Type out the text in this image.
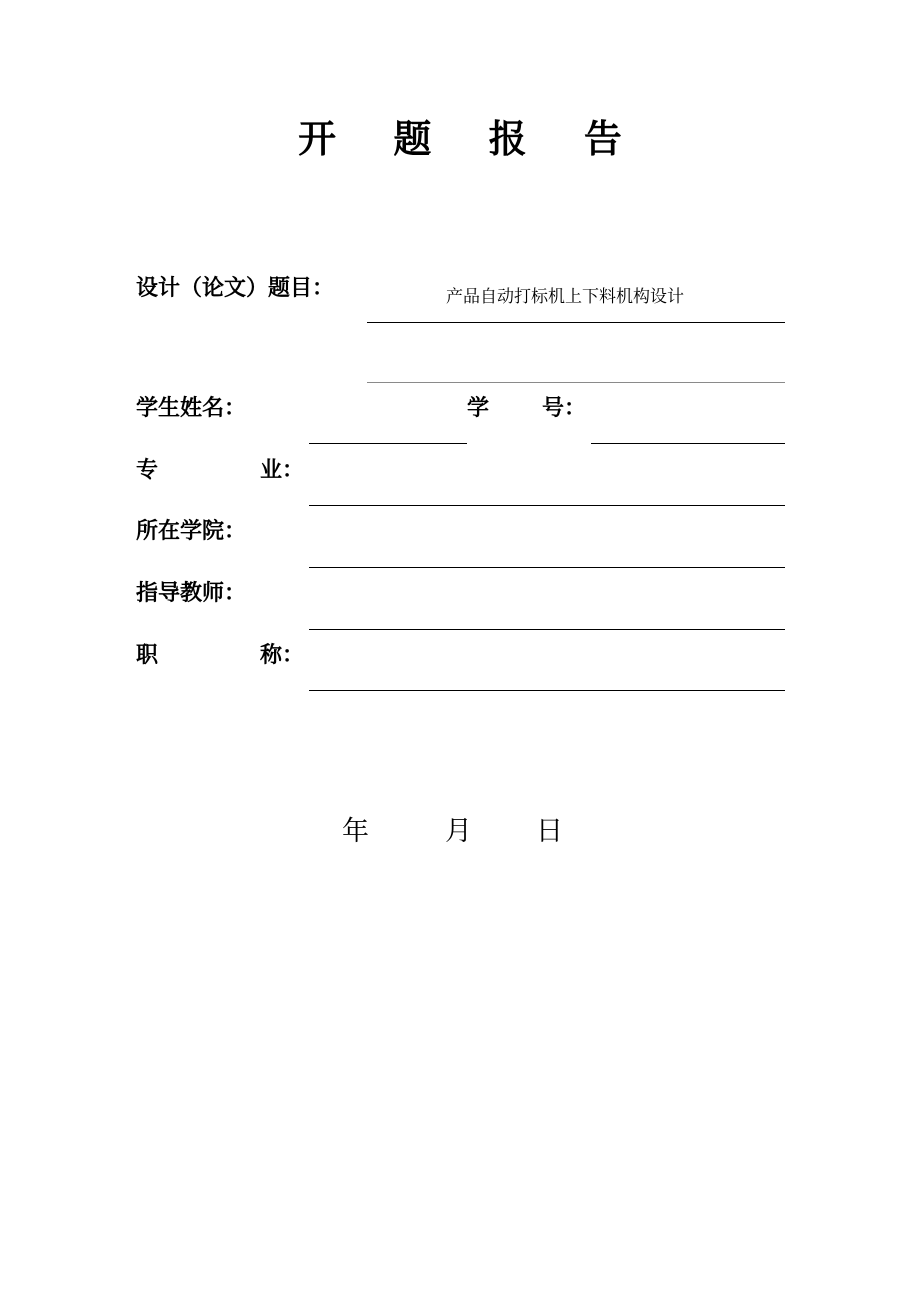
开 题 报 告
设计（论文）题目：	产品自动打标机上下料机构设计
学生姓名：	学 号：
专	业：
所在学院：
指导教师：
职	称：
年	月 日
